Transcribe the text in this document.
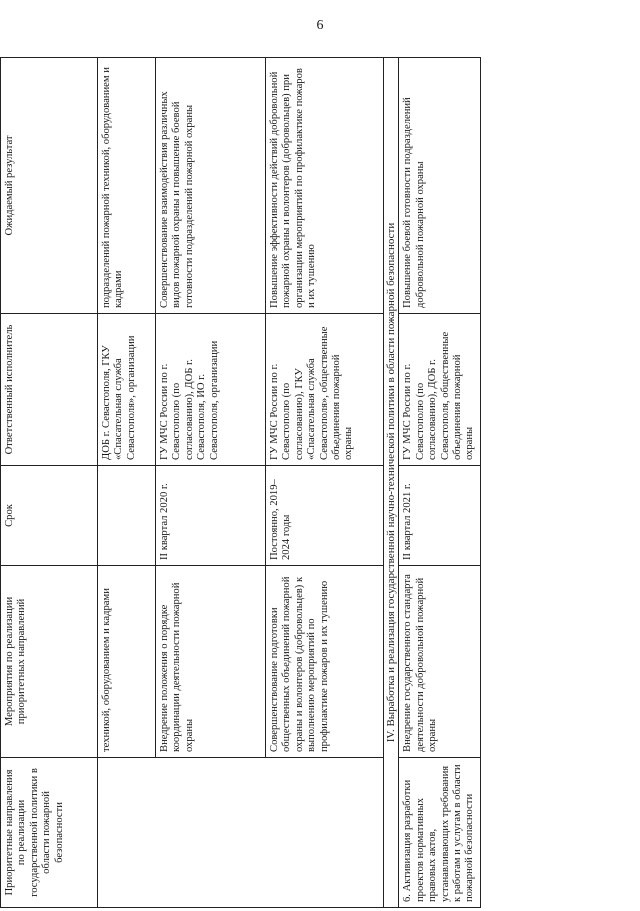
6
Приоритетные направления по реализации государственной политики в области пожарной безопасности	Мероприятия по реализации приоритетных направлений	Срок	Ответственный исполнитель	Ожидаемый результат
	техникой, оборудованием и кадрами		ДОБ г. Севастополя, ГКУ «Спасательная служба Севастополя», организации	подразделений пожарной техникой, оборудованием и кадрами
	Внедрение положения о порядке координации деятельности пожарной охраны	II квартал 2020 г.	ГУ МЧС России по г. Севастополю (по согласованию), ДОБ г. Севастополя, ИО г. Севастополя, организации	Совершенствование взаимодействия различных видов пожарной охраны и повышение боевой готовности подразделений пожарной охраны
	Совершенствование подготовки общественных объединений пожарной охраны и волонтеров (добровольцев) к выполнению мероприятий по профилактике пожаров и их тушению	Постоянно, 2019–2024 годы	ГУ МЧС России по г. Севастополю (по согласованию), ГКУ «Спасательная служба Севастополя», общественные объединения пожарной охраны	Повышение эффективности действий добровольной пожарной охраны и волонтеров (добровольцев) при организации мероприятий по профилактике пожаров и их тушению
IV. Выработка и реализация государственной научно-технической политики в области пожарной безопасности				
6. Активизация разработки проектов нормативных правовых актов, устанавливающих требования к работам и услугам в области пожарной безопасности	Внедрение государственного стандарта деятельности добровольной пожарной охраны	II квартал 2021 г.	ГУ МЧС России по г. Севастополю (по согласованию), ДОБ г. Севастополя, общественные объединения пожарной охраны	Повышение боевой готовности подразделений добровольной пожарной охраны
